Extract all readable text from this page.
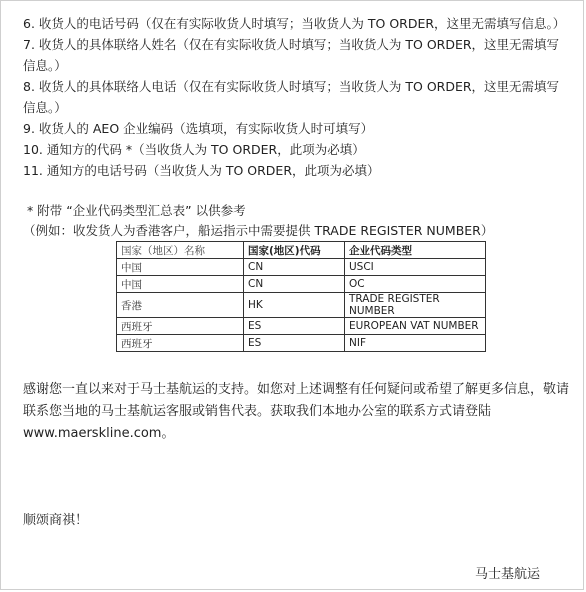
6. 收货人的电话号码（仅在有实际收货人时填写；当收货人为 TO ORDER，这里无需填写信息。）

7. 收货人的具体联络人姓名（仅在有实际收货人时填写；当收货人为 TO ORDER，这里无需填写信息。）

8. 收货人的具体联络人电话（仅在有实际收货人时填写；当收货人为 TO ORDER，这里无需填写信息。）

9. 收货人的 AEO 企业编码（选填项，有实际收货人时可填写）

10. 通知方的代码 *（当收货人为 TO ORDER，此项为必填）

11. 通知方的电话号码（当收货人为 TO ORDER，此项为必填）

* 附带 “企业代码类型汇总表” 以供参考

（例如：收发货人为香港客户，船运指示中需要提供 TRADE REGISTER NUMBER）

国家（地区）名称	国家(地区)代码	企业代码类型
中国	CN	USCI
中国	CN	OC
香港	HK	TRADE REGISTER NUMBER
西班牙	ES	EUROPEAN VAT NUMBER
西班牙	ES	NIF

感谢您一直以来对于马士基航运的支持。如您对上述调整有任何疑问或希望了解更多信息，敬请联系您当地的马士基航运客服或销售代表。获取我们本地办公室的联系方式请登陆 www.maerskline.com。

顺颂商祺！

马士基航运
